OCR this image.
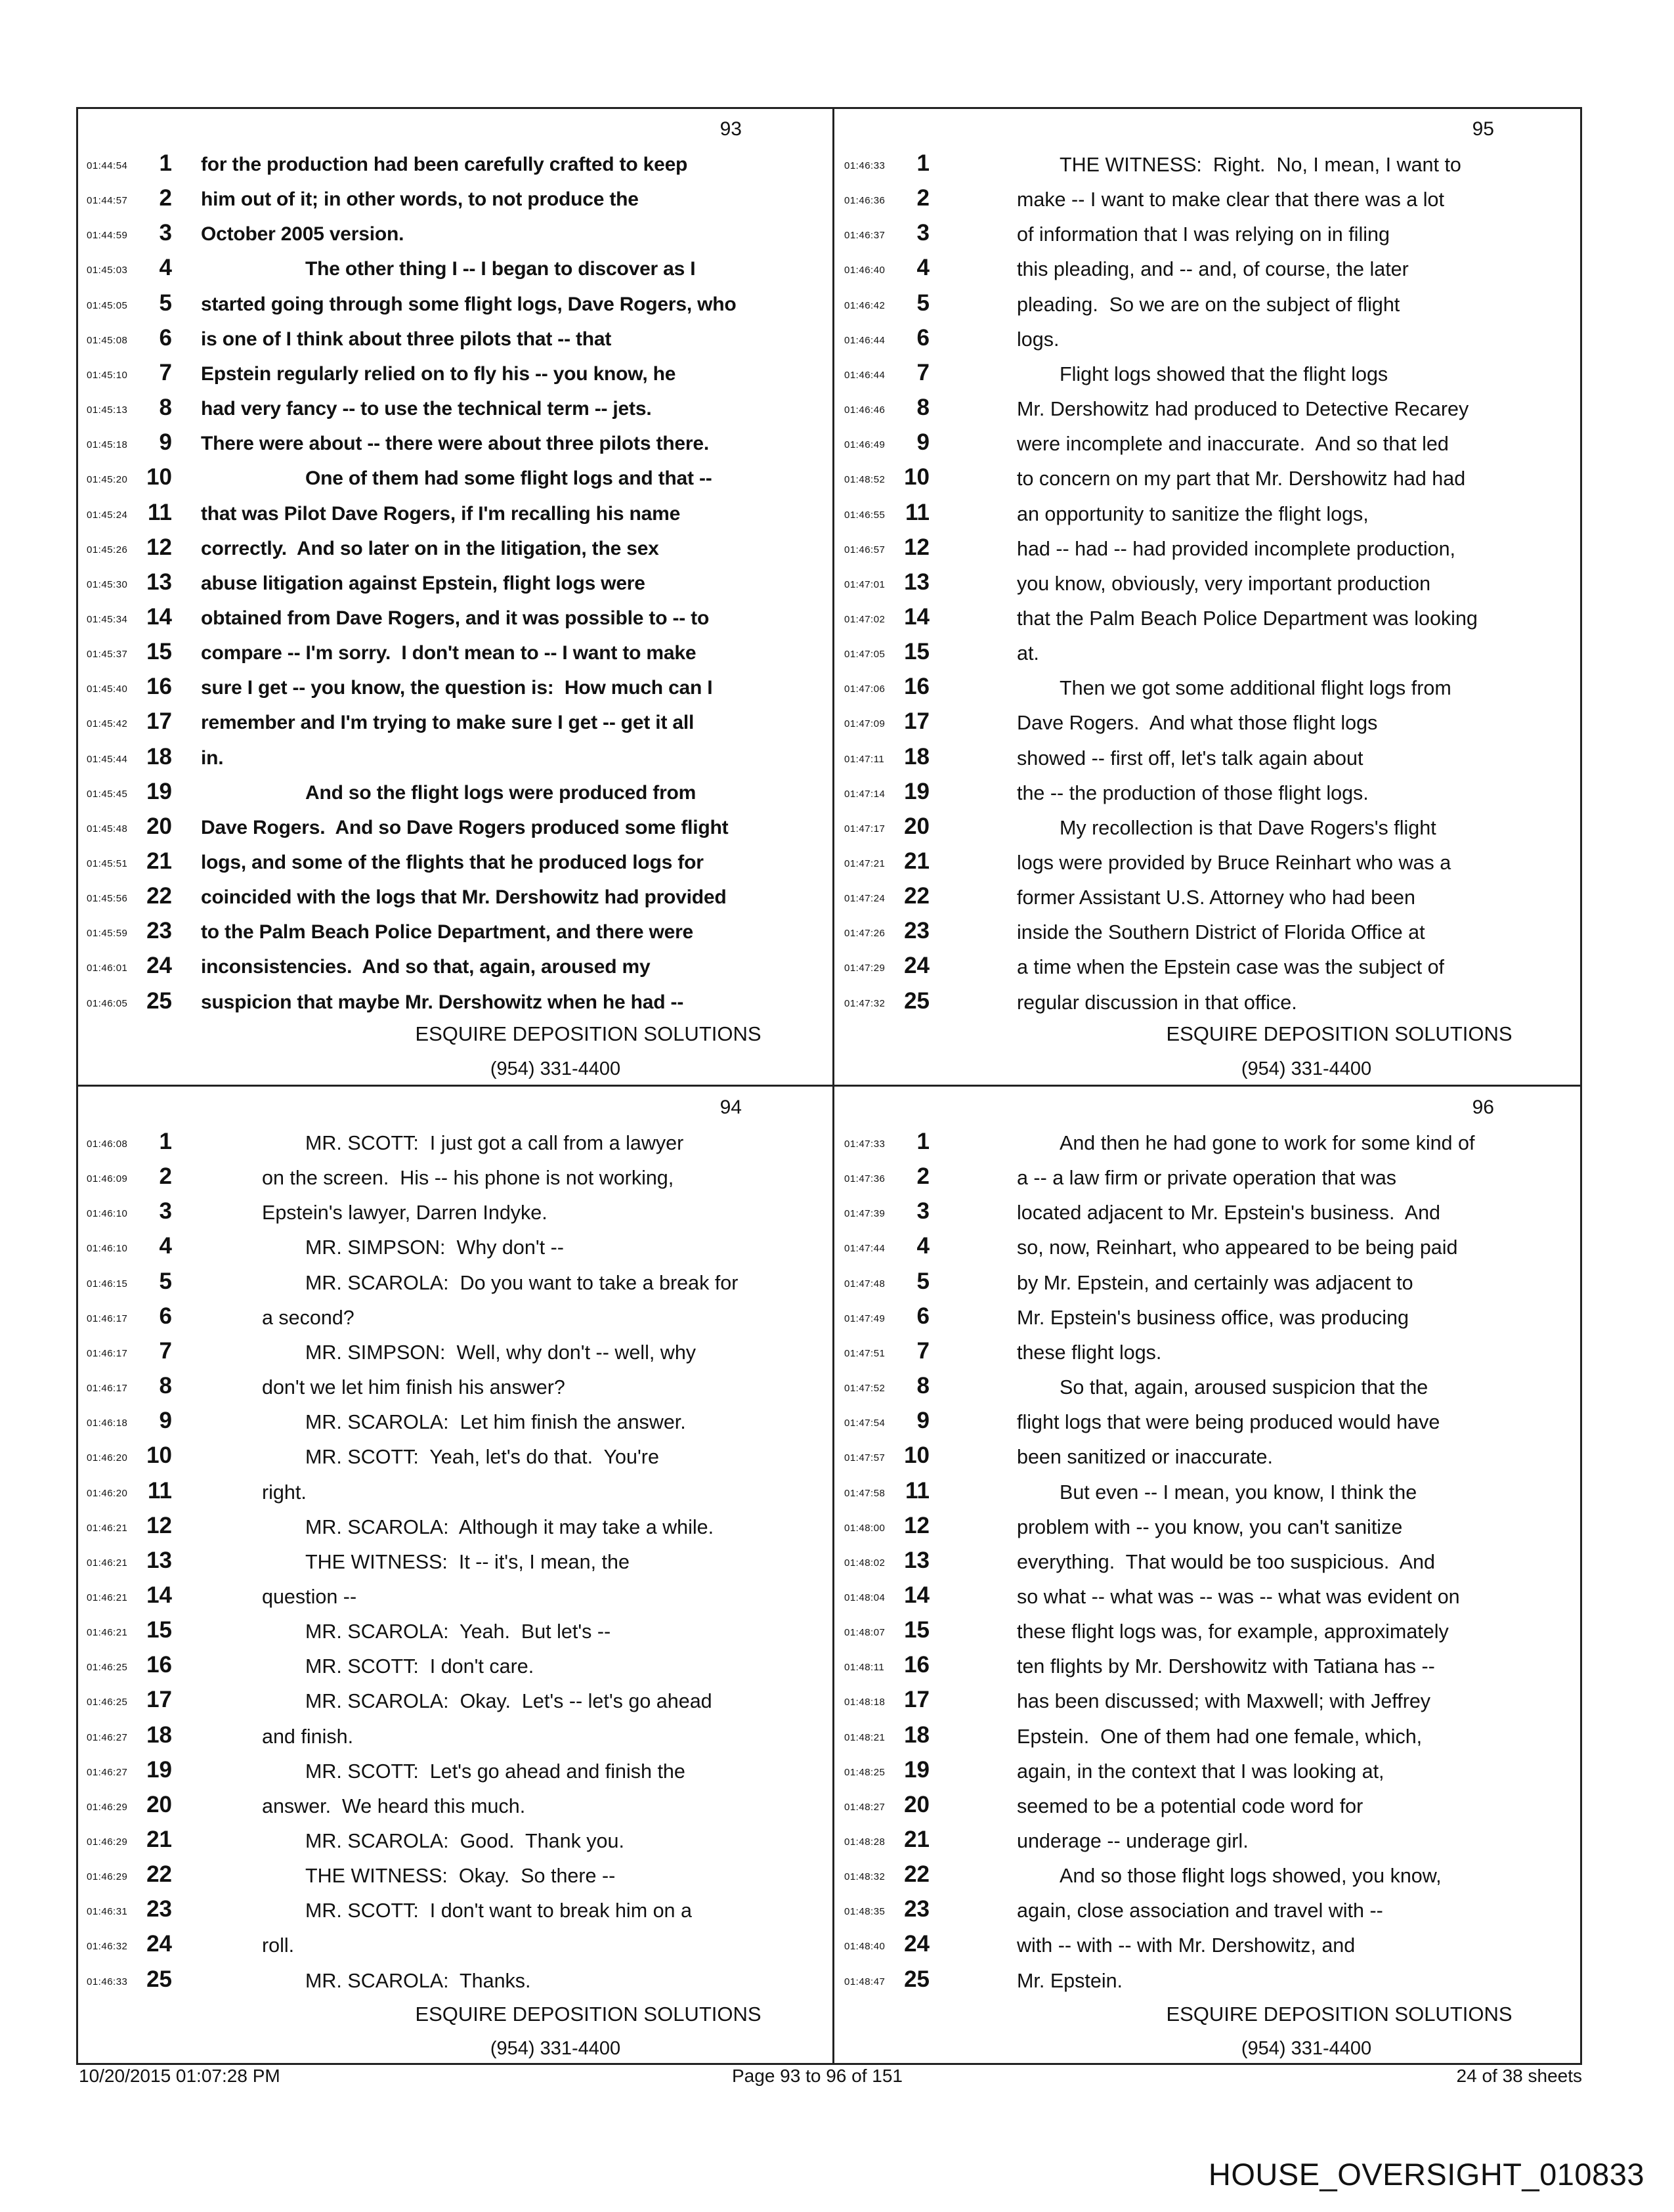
93
01:44:54	1 for the production had been carefully crafted to keep
01:44:57	2 him out of it; in other words, to not produce the
01:44:59	3 October 2005 version.
01:45:03	4	The other thing I -- I began to discover as I
01:45:05	5 started going through some flight logs, Dave Rogers, who
01:45:08	6 is one of I think about three pilots that -- that
01:45:10	7 Epstein regularly relied on to fly his -- you know, he
01:45:13	8 had very fancy -- to use the technical term -- jets.
01:45:18	9 There were about -- there were about three pilots there.
01:45:20 10	One of them had some flight logs and that --
01:45:24 11 that was Pilot Dave Rogers, if I'm recalling his name
01:45:26 12 correctly.  And so later on in the litigation, the sex
01:45:30 13 abuse litigation against Epstein, flight logs were
01:45:34 14 obtained from Dave Rogers, and it was possible to -- to
01:45:37 15 compare -- I'm sorry.  I don't mean to -- I want to make
01:45:40 16 sure I get -- you know, the question is:  How much can I
01:45:42 17 remember and I'm trying to make sure I get -- get it all
01:45:44 18 in.
01:45:45 19	And so the flight logs were produced from
01:45:48 20 Dave Rogers.  And so Dave Rogers produced some flight
01:45:51 21 logs, and some of the flights that he produced logs for
01:45:56 22 coincided with the logs that Mr. Dershowitz had provided
01:45:59 23 to the Palm Beach Police Department, and there were
01:46:01 24 inconsistencies.  And so that, again, aroused my
01:46:05 25 suspicion that maybe Mr. Dershowitz when he had --
ESQUIRE DEPOSITION SOLUTIONS
(954) 331-4400
94
01:46:08	1	MR. SCOTT:  I just got a call from a lawyer
01:46:09	2	on the screen.  His -- his phone is not working,
01:46:10	3	Epstein's lawyer, Darren Indyke.
01:46:10	4	MR. SIMPSON:  Why don't --
01:46:15	5	MR. SCAROLA:  Do you want to take a break for
01:46:17	6	a second?
01:46:17	7	MR. SIMPSON:  Well, why don't -- well, why
01:46:17	8	don't we let him finish his answer?
01:46:18	9	MR. SCAROLA:  Let him finish the answer.
01:46:20 10	MR. SCOTT:  Yeah, let's do that.  You're
01:46:20 11	right.
01:46:21 12	MR. SCAROLA:  Although it may take a while.
01:46:21 13	THE WITNESS:  It -- it's, I mean, the
01:46:21 14	question --
01:46:21 15	MR. SCAROLA:  Yeah.  But let's --
01:46:25 16	MR. SCOTT:  I don't care.
01:46:25 17	MR. SCAROLA:  Okay.  Let's -- let's go ahead
01:46:27 18	and finish.
01:46:27 19	MR. SCOTT:  Let's go ahead and finish the
01:46:29 20	answer.  We heard this much.
01:46:29 21	MR. SCAROLA:  Good.  Thank you.
01:46:29 22	THE WITNESS:  Okay.  So there --
01:46:31 23	MR. SCOTT:  I don't want to break him on a
01:46:32 24	roll.
01:46:33 25	MR. SCAROLA:  Thanks.
ESQUIRE DEPOSITION SOLUTIONS
(954) 331-4400
95
01:46:33	1	THE WITNESS:  Right.  No, I mean, I want to
01:46:36	2	make -- I want to make clear that there was a lot
01:46:37	3	of information that I was relying on in filing
01:46:40	4	this pleading, and -- and, of course, the later
01:46:42	5	pleading.  So we are on the subject of flight
01:46:44	6	logs.
01:46:44	7	Flight logs showed that the flight logs
01:46:46	8	Mr. Dershowitz had produced to Detective Recarey
01:46:49	9	were incomplete and inaccurate.  And so that led
01:48:52 10	to concern on my part that Mr. Dershowitz had had
01:46:55 11	an opportunity to sanitize the flight logs,
01:46:57 12	had -- had -- had provided incomplete production,
01:47:01 13	you know, obviously, very important production
01:47:02 14	that the Palm Beach Police Department was looking
01:47:05 15	at.
01:47:06 16	Then we got some additional flight logs from
01:47:09 17	Dave Rogers.  And what those flight logs
01:47:11 18	showed -- first off, let's talk again about
01:47:14 19	the -- the production of those flight logs.
01:47:17 20	My recollection is that Dave Rogers's flight
01:47:21 21	logs were provided by Bruce Reinhart who was a
01:47:24 22	former Assistant U.S. Attorney who had been
01:47:26 23	inside the Southern District of Florida Office at
01:47:29 24	a time when the Epstein case was the subject of
01:47:32 25	regular discussion in that office.
ESQUIRE DEPOSITION SOLUTIONS
(954) 331-4400
96
01:47:33	1	And then he had gone to work for some kind of
01:47:36	2	a -- a law firm or private operation that was
01:47:39	3	located adjacent to Mr. Epstein's business.  And
01:47:44	4	so, now, Reinhart, who appeared to be being paid
01:47:48	5	by Mr. Epstein, and certainly was adjacent to
01:47:49	6	Mr. Epstein's business office, was producing
01:47:51	7	these flight logs.
01:47:52	8	So that, again, aroused suspicion that the
01:47:54	9	flight logs that were being produced would have
01:47:57 10	been sanitized or inaccurate.
01:47:58 11	But even -- I mean, you know, I think the
01:48:00 12	problem with -- you know, you can't sanitize
01:48:02 13	everything.  That would be too suspicious.  And
01:48:04 14	so what -- what was -- was -- what was evident on
01:48:07 15	these flight logs was, for example, approximately
01:48:11 16	ten flights by Mr. Dershowitz with Tatiana has --
01:48:18 17	has been discussed; with Maxwell; with Jeffrey
01:48:21 18	Epstein.  One of them had one female, which,
01:48:25 19	again, in the context that I was looking at,
01:48:27 20	seemed to be a potential code word for
01:48:28 21	underage -- underage girl.
01:48:32 22	And so those flight logs showed, you know,
01:48:35 23	again, close association and travel with --
01:48:40 24	with -- with -- with Mr. Dershowitz, and
01:48:47 25	Mr. Epstein.
ESQUIRE DEPOSITION SOLUTIONS
(954) 331-4400
10/20/2015 01:07:28 PM	Page 93 to 96 of 151	24 of 38 sheets
HOUSE_OVERSIGHT_010833
